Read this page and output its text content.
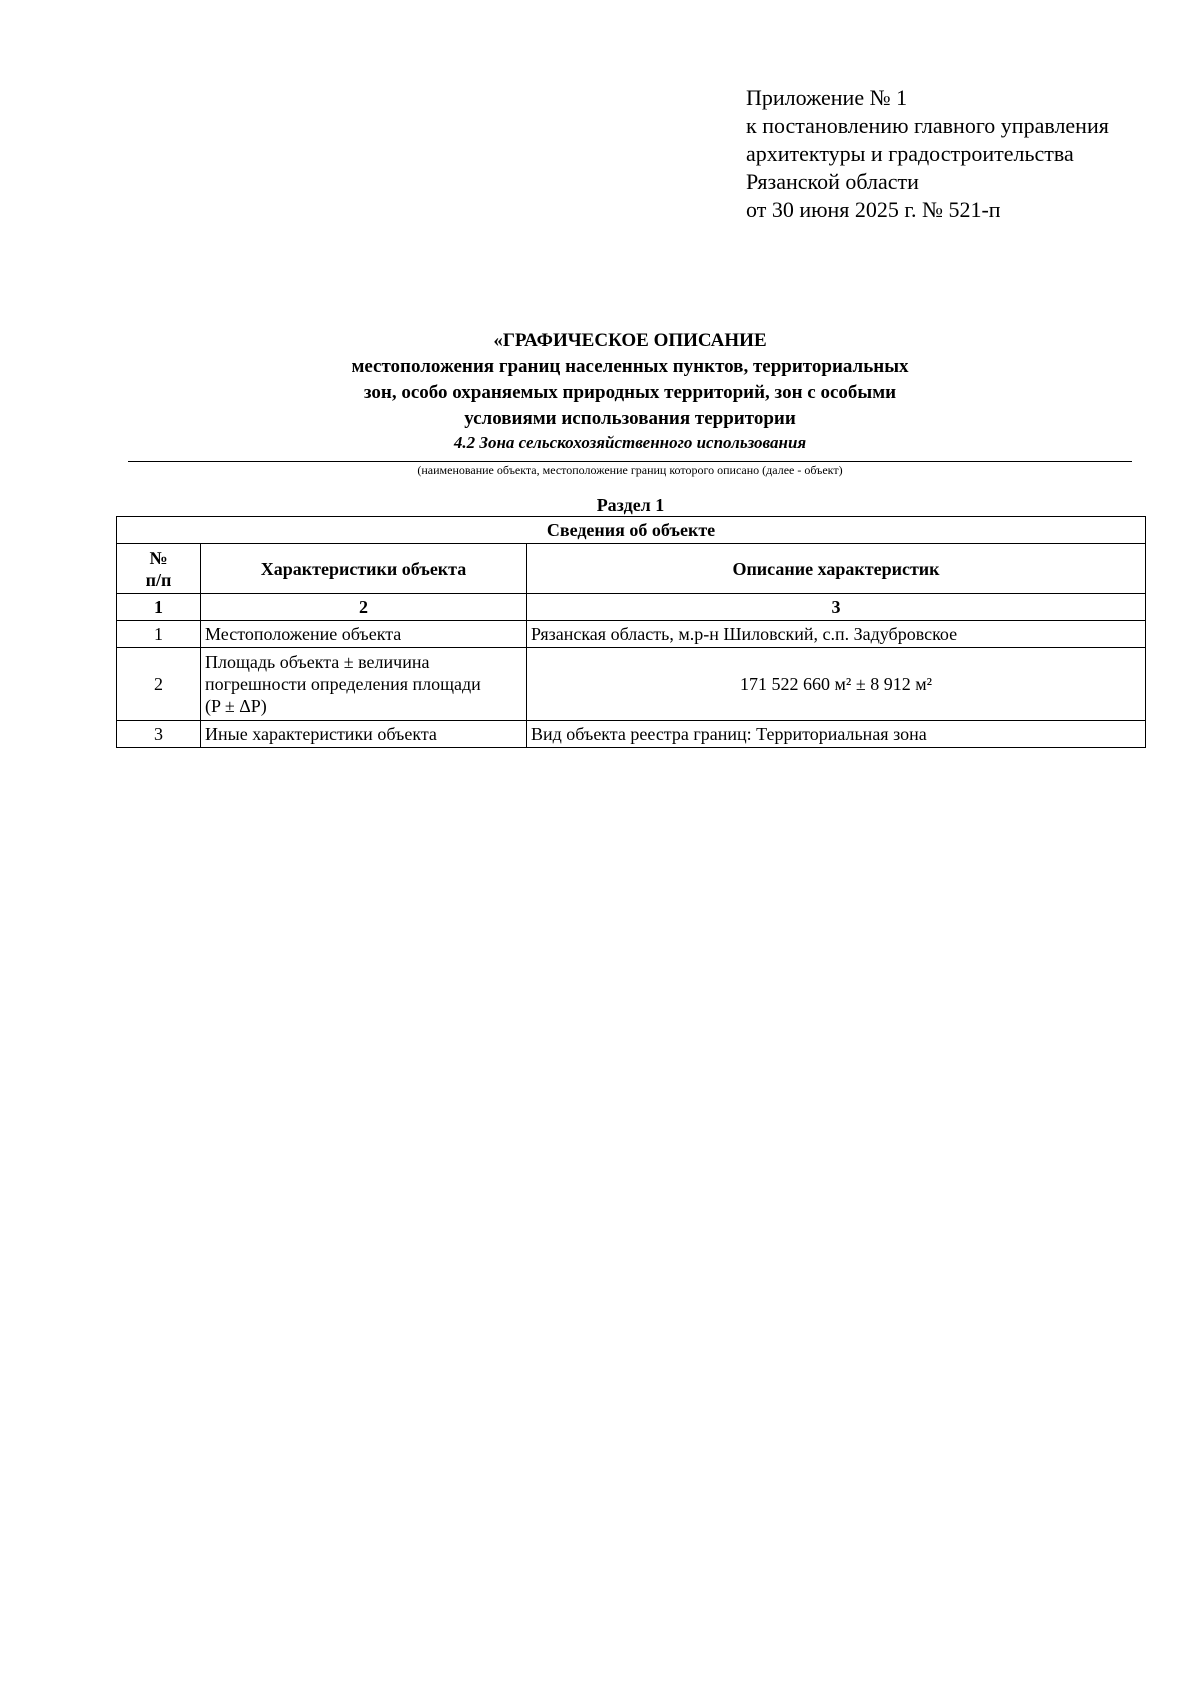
Приложение № 1
к постановлению главного управления
архитектуры и градостроительства
Рязанской области
от 30 июня 2025 г. № 521-п
«ГРАФИЧЕСКОЕ ОПИСАНИЕ
местоположения границ населенных пунктов, территориальных
зон, особо охраняемых природных территорий, зон с особыми
условиями использования территории
4.2 Зона сельскохозяйственного использования
(наименование объекта, местоположение границ которого описано (далее - объект)
Раздел 1
Сведения об объекте		

№
п/п	Характеристики объекта	Описание характеристик
1	2	3
1	Местоположение объекта	Рязанская область, м.р-н Шиловский, с.п. Задубровское
2	Площадь объекта ± величина
погрешности определения площади
(P ± ΔP)	171 522 660 м² ± 8 912 м²
3	Иные характеристики объекта	Вид объекта реестра границ: Территориальная зона
